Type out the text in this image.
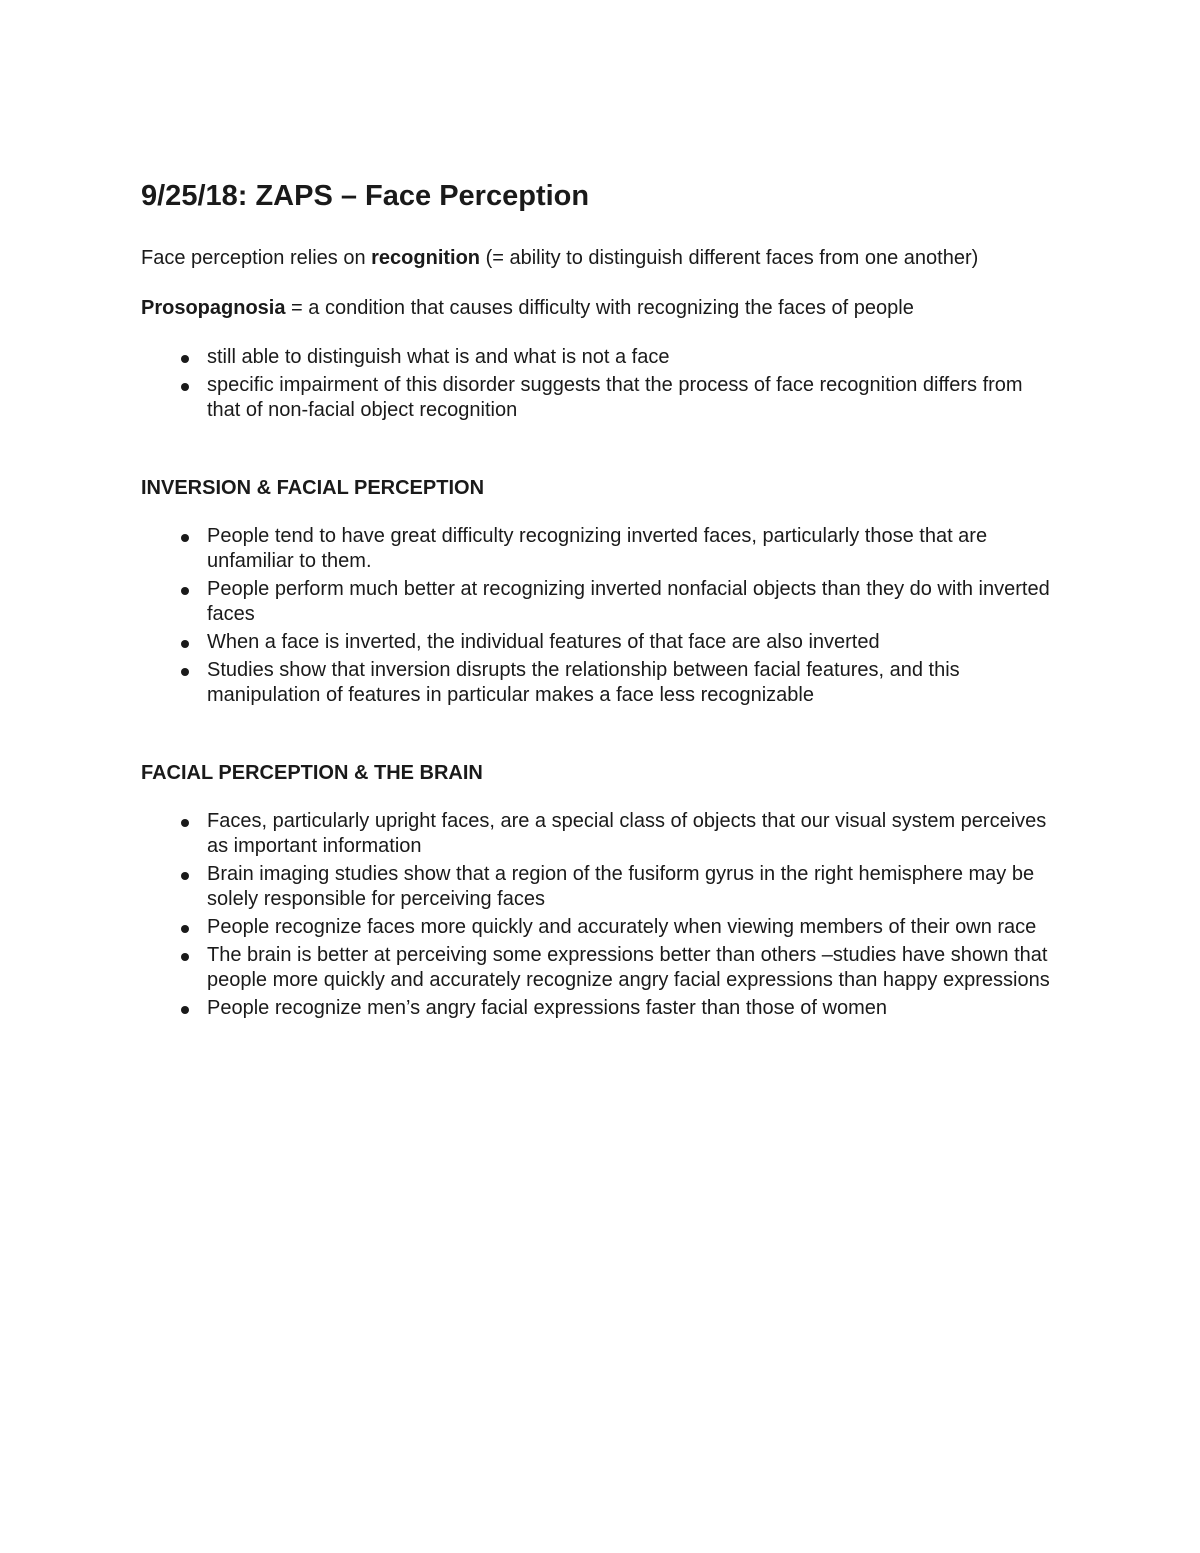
9/25/18: ZAPS – Face Perception

Face perception relies on recognition (= ability to distinguish different faces from one another)

Prosopagnosia = a condition that causes difficulty with recognizing the faces of people

still able to distinguish what is and what is not a face
specific impairment of this disorder suggests that the process of face recognition differs from that of non-facial object recognition
INVERSION & FACIAL PERCEPTION
People tend to have great difficulty recognizing inverted faces, particularly those that are unfamiliar to them.
People perform much better at recognizing inverted nonfacial objects than they do with inverted faces
When a face is inverted, the individual features of that face are also inverted
Studies show that inversion disrupts the relationship between facial features, and this manipulation of features in particular makes a face less recognizable
FACIAL PERCEPTION & THE BRAIN
Faces, particularly upright faces, are a special class of objects that our visual system perceives as important information
Brain imaging studies show that a region of the fusiform gyrus in the right hemisphere may be solely responsible for perceiving faces
People recognize faces more quickly and accurately when viewing members of their own race
The brain is better at perceiving some expressions better than others –studies have shown that people more quickly and accurately recognize angry facial expressions than happy expressions
People recognize men’s angry facial expressions faster than those of women
